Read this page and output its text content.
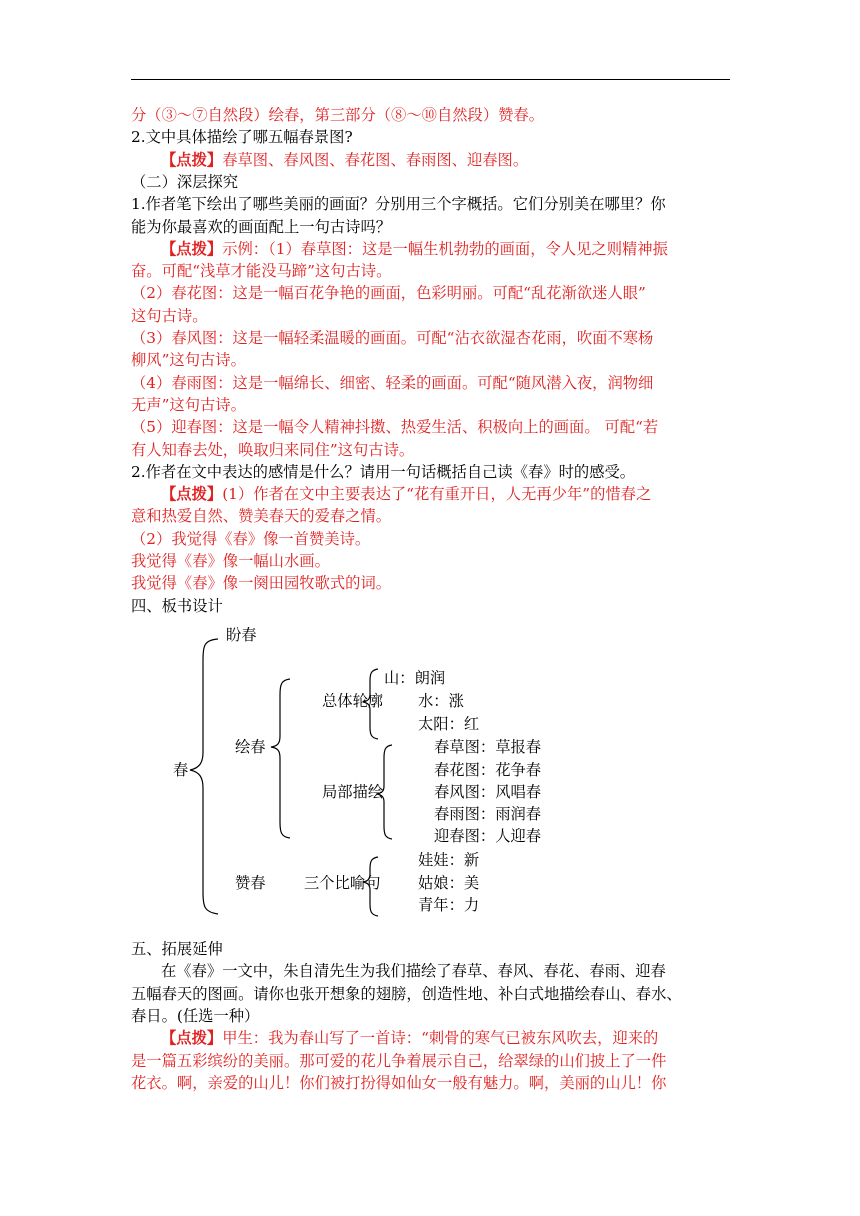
分（③～⑦自然段）绘春，第三部分（⑧～⑩自然段）赞春。
2.文中具体描绘了哪五幅春景图?
【点拨】春草图、春风图、春花图、春雨图、迎春图。
（二）深层探究
1.作者笔下绘出了哪些美丽的画面？分别用三个字概括。它们分别美在哪里？你
能为你最喜欢的画面配上一句古诗吗？
【点拨】示例：（1）春草图：这是一幅生机勃勃的画面，令人见之则精神振
奋。可配“浅草才能没马蹄”这句古诗。
（2）春花图：这是一幅百花争艳的画面，色彩明丽。可配“乱花渐欲迷人眼”
这句古诗。
（3）春风图：这是一幅轻柔温暖的画面。可配“沾衣欲湿杏花雨，吹面不寒杨
柳风”这句古诗。
（4）春雨图：这是一幅绵长、细密、轻柔的画面。可配“随风潜入夜，润物细
无声”这句古诗。
（5）迎春图：这是一幅令人精神抖擞、热爱生活、积极向上的画面。 可配“若
有人知春去处，唤取归来同住”这句古诗。
2.作者在文中表达的感情是什么？请用一句话概括自己读《春》时的感受。
【点拨】(1）作者在文中主要表达了“花有重开日，人无再少年”的惜春之
意和热爱自然、赞美春天的爱春之情。
（2）我觉得《春》像一首赞美诗。
我觉得《春》像一幅山水画。
我觉得《春》像一阕田园牧歌式的词。
四、板书设计
春
盼春
绘春
赞春
总体轮廓
山：朗润
水：涨
太阳：红
局部描绘
春草图：草报春
春花图：花争春
春风图：风唱春
春雨图：雨润春
迎春图：人迎春
三个比喻句
娃娃：新
姑娘：美
青年：力
五、拓展延伸
在《春》一文中，朱自清先生为我们描绘了春草、春风、春花、春雨、迎春
五幅春天的图画。请你也张开想象的翅膀，创造性地、补白式地描绘春山、春水、
春日。(任选一种）
【点拨】甲生：我为春山写了一首诗：“刺骨的寒气已被东风吹去，迎来的
是一篇五彩缤纷的美丽。那可爱的花儿争着展示自己，给翠绿的山们披上了一件
花衣。啊，亲爱的山儿！你们被打扮得如仙女一般有魅力。啊，美丽的山儿！你
